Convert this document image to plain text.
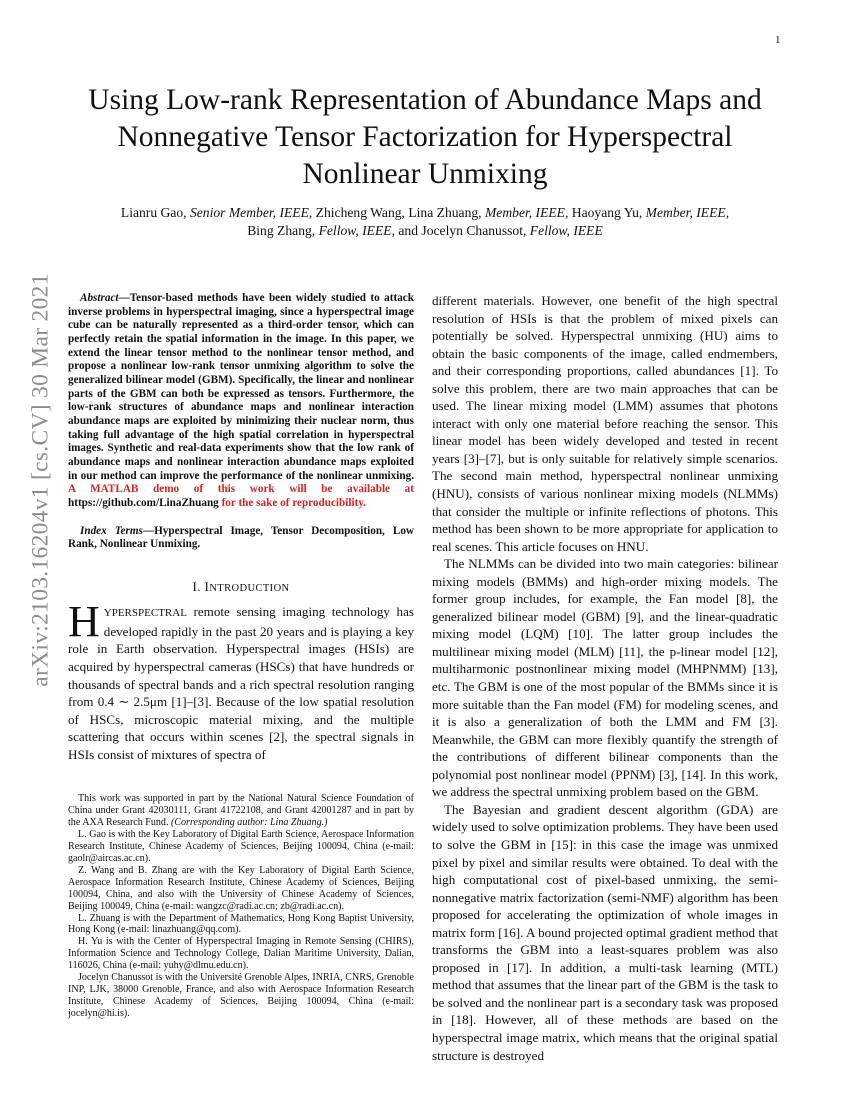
1
arXiv:2103.16204v1 [cs.CV] 30 Mar 2021
Using Low-rank Representation of Abundance Maps and Nonnegative Tensor Factorization for Hyperspectral Nonlinear Unmixing
Lianru Gao, Senior Member, IEEE, Zhicheng Wang, Lina Zhuang, Member, IEEE, Haoyang Yu, Member, IEEE,
Bing Zhang, Fellow, IEEE, and Jocelyn Chanussot, Fellow, IEEE

Abstract—Tensor-based methods have been widely studied to attack inverse problems in hyperspectral imaging, since a hyperspectral image cube can be naturally represented as a third-order tensor, which can perfectly retain the spatial information in the image. In this paper, we extend the linear tensor method to the nonlinear tensor method, and propose a nonlinear low-rank tensor unmixing algorithm to solve the generalized bilinear model (GBM). Specifically, the linear and nonlinear parts of the GBM can both be expressed as tensors. Furthermore, the low-rank structures of abundance maps and nonlinear interaction abundance maps are exploited by minimizing their nuclear norm, thus taking full advantage of the high spatial correlation in hyperspectral images. Synthetic and real-data experiments show that the low rank of abundance maps and nonlinear interaction abundance maps exploited in our method can improve the performance of the nonlinear unmixing. A MATLAB demo of this work will be available at https://github.com/LinaZhuang for the sake of reproducibility.

Index Terms—Hyperspectral Image, Tensor Decomposition, Low Rank, Nonlinear Unmixing.

I. INTRODUCTION

HYPERSPECTRAL remote sensing imaging technology has developed rapidly in the past 20 years and is playing a key role in Earth observation. Hyperspectral images (HSIs) are acquired by hyperspectral cameras (HSCs) that have hundreds or thousands of spectral bands and a rich spectral resolution ranging from 0.4 ∼ 2.5μm [1]–[3]. Because of the low spatial resolution of HSCs, microscopic material mixing, and the multiple scattering that occurs within scenes [2], the spectral signals in HSIs consist of mixtures of spectra of

This work was supported in part by the National Natural Science Foundation of China under Grant 42030111, Grant 41722108, and Grant 42001287 and in part by the AXA Research Fund. (Corresponding author: Lina Zhuang.)

L. Gao is with the Key Laboratory of Digital Earth Science, Aerospace Information Research Institute, Chinese Academy of Sciences, Beijing 100094, China (e-mail: gaolr@aircas.ac.cn).

Z. Wang and B. Zhang are with the Key Laboratory of Digital Earth Science, Aerospace Information Research Institute, Chinese Academy of Sciences, Beijing 100094, China, and also with the University of Chinese Academy of Sciences, Beijing 100049, China (e-mail: wangzc@radi.ac.cn; zb@radi.ac.cn).

L. Zhuang is with the Department of Mathematics, Hong Kong Baptist University, Hong Kong (e-mail: linazhuang@qq.com).

H. Yu is with the Center of Hyperspectral Imaging in Remote Sensing (CHIRS), Information Science and Technology College, Dalian Maritime University, Dalian, 116026, China (e-mail: yuhy@dlmu.edu.cn).

Jocelyn Chanussot is with the Université Grenoble Alpes, INRIA, CNRS, Grenoble INP, LJK, 38000 Grenoble, France, and also with Aerospace Information Research Institute, Chinese Academy of Sciences, Beijing 100094, China (e-mail: jocelyn@hi.is).

different materials. However, one benefit of the high spectral resolution of HSIs is that the problem of mixed pixels can potentially be solved. Hyperspectral unmixing (HU) aims to obtain the basic components of the image, called endmembers, and their corresponding proportions, called abundances [1]. To solve this problem, there are two main approaches that can be used. The linear mixing model (LMM) assumes that photons interact with only one material before reaching the sensor. This linear model has been widely developed and tested in recent years [3]–[7], but is only suitable for relatively simple scenarios. The second main method, hyperspectral nonlinear unmixing (HNU), consists of various nonlinear mixing models (NLMMs) that consider the multiple or infinite reflections of photons. This method has been shown to be more appropriate for application to real scenes. This article focuses on HNU.

The NLMMs can be divided into two main categories: bilinear mixing models (BMMs) and high-order mixing models. The former group includes, for example, the Fan model [8], the generalized bilinear model (GBM) [9], and the linear-quadratic mixing model (LQM) [10]. The latter group includes the multilinear mixing model (MLM) [11], the p-linear model [12], multiharmonic postnonlinear mixing model (MHPNMM) [13], etc. The GBM is one of the most popular of the BMMs since it is more suitable than the Fan model (FM) for modeling scenes, and it is also a generalization of both the LMM and FM [3]. Meanwhile, the GBM can more flexibly quantify the strength of the contributions of different bilinear components than the polynomial post nonlinear model (PPNM) [3], [14]. In this work, we address the spectral unmixing problem based on the GBM.

The Bayesian and gradient descent algorithm (GDA) are widely used to solve optimization problems. They have been used to solve the GBM in [15]: in this case the image was unmixed pixel by pixel and similar results were obtained. To deal with the high computational cost of pixel-based unmixing, the semi-nonnegative matrix factorization (semi-NMF) algorithm has been proposed for accelerating the optimization of whole images in matrix form [16]. A bound projected optimal gradient method that transforms the GBM into a least-squares problem was also proposed in [17]. In addition, a multi-task learning (MTL) method that assumes that the linear part of the GBM is the task to be solved and the nonlinear part is a secondary task was proposed in [18]. However, all of these methods are based on the hyperspectral image matrix, which means that the original spatial structure is destroyed
